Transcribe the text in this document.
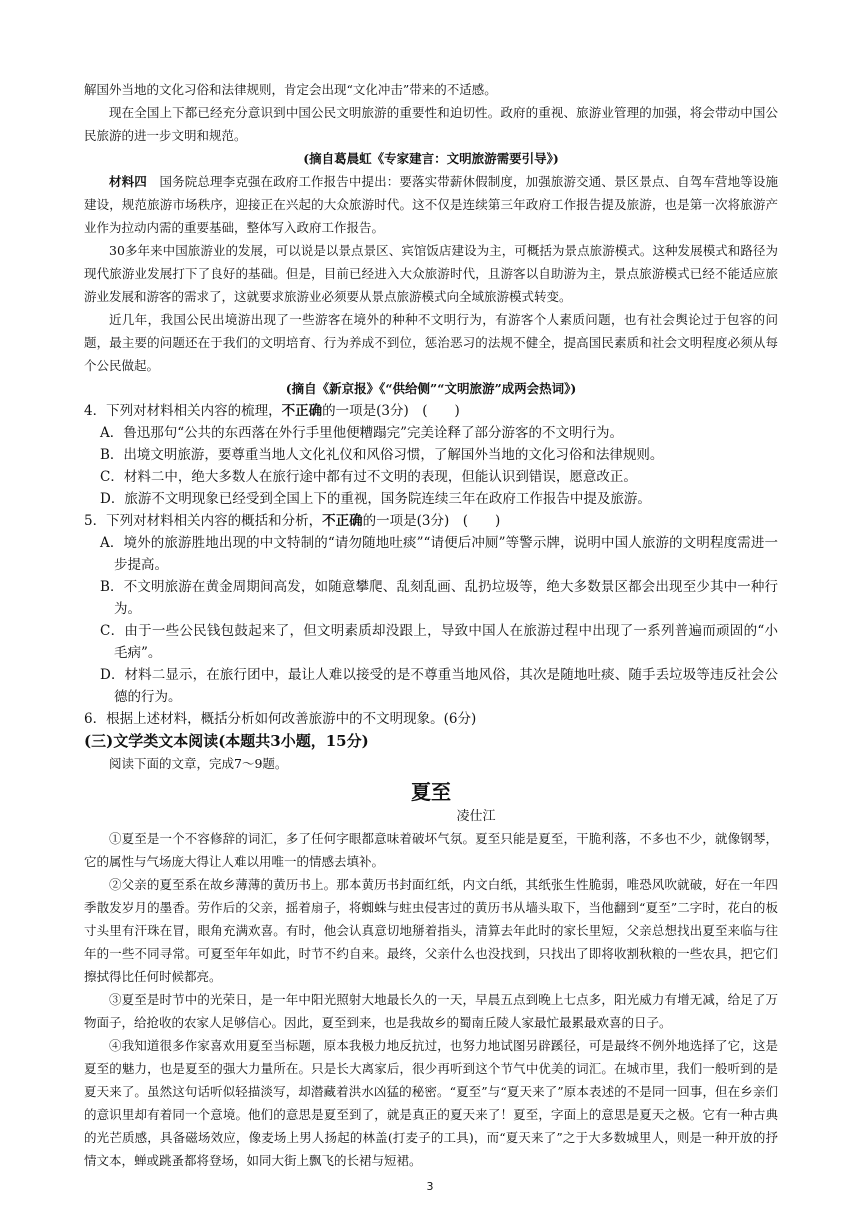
解国外当地的文化习俗和法律规则，肯定会出现“文化冲击”带来的不适感。

现在全国上下都已经充分意识到中国公民文明旅游的重要性和迫切性。政府的重视、旅游业管理的加强，将会带动中国公民旅游的进一步文明和规范。

(摘自葛晨虹《专家建言：文明旅游需要引导》)

材料四　国务院总理李克强在政府工作报告中提出：要落实带薪休假制度，加强旅游交通、景区景点、自驾车营地等设施建设，规范旅游市场秩序，迎接正在兴起的大众旅游时代。这不仅是连续第三年政府工作报告提及旅游，也是第一次将旅游产业作为拉动内需的重要基础，整体写入政府工作报告。

30多年来中国旅游业的发展，可以说是以景点景区、宾馆饭店建设为主，可概括为景点旅游模式。这种发展模式和路径为现代旅游业发展打下了良好的基础。但是，目前已经进入大众旅游时代，且游客以自助游为主，景点旅游模式已经不能适应旅游业发展和游客的需求了，这就要求旅游业必须要从景点旅游模式向全域旅游模式转变。

近几年，我国公民出境游出现了一些游客在境外的种种不文明行为，有游客个人素质问题，也有社会舆论过于包容的问题，最主要的问题还在于我们的文明培育、行为养成不到位，惩治恶习的法规不健全，提高国民素质和社会文明程度必须从每个公民做起。

(摘自《新京报》《“供给侧”“文明旅游”成两会热词》)

4．下列对材料相关内容的梳理，不正确的一项是(3分)　(　　)

A．鲁迅那句“公共的东西落在外行手里他便糟蹋完”完美诠释了部分游客的不文明行为。

B．出境文明旅游，要尊重当地人文化礼仪和风俗习惯，了解国外当地的文化习俗和法律规则。

C．材料二中，绝大多数人在旅行途中都有过不文明的表现，但能认识到错误，愿意改正。

D．旅游不文明现象已经受到全国上下的重视，国务院连续三年在政府工作报告中提及旅游。

5．下列对材料相关内容的概括和分析，不正确的一项是(3分)　(　　)

A．境外的旅游胜地出现的中文特制的“请勿随地吐痰”“请便后冲厕”等警示牌，说明中国人旅游的文明程度需进一步提高。

B．不文明旅游在黄金周期间高发，如随意攀爬、乱刻乱画、乱扔垃圾等，绝大多数景区都会出现至少其中一种行为。

C．由于一些公民钱包鼓起来了，但文明素质却没跟上，导致中国人在旅游过程中出现了一系列普遍而顽固的“小毛病”。

D．材料二显示，在旅行团中，最让人难以接受的是不尊重当地风俗，其次是随地吐痰、随手丢垃圾等违反社会公德的行为。

6．根据上述材料，概括分析如何改善旅游中的不文明现象。(6分)

(三)文学类文本阅读(本题共3小题，15分)

阅读下面的文章，完成7～9题。

夏至
凌仕江

①夏至是一个不容修辞的词汇，多了任何字眼都意味着破坏气氛。夏至只能是夏至，干脆利落，不多也不少，就像钢琴，它的属性与气场庞大得让人难以用唯一的情感去填补。

②父亲的夏至系在故乡薄薄的黄历书上。那本黄历书封面红纸，内文白纸，其纸张生性脆弱，唯恐风吹就破，好在一年四季散发岁月的墨香。劳作后的父亲，摇着扇子，将蜘蛛与蛀虫侵害过的黄历书从墙头取下，当他翻到“夏至”二字时，花白的板寸头里有汗珠在冒，眼角充满欢喜。有时，他会认真意切地掰着指头，清算去年此时的家长里短，父亲总想找出夏至来临与往年的一些不同寻常。可夏至年年如此，时节不约自来。最终，父亲什么也没找到，只找出了即将收割秋粮的一些农具，把它们擦拭得比任何时候都亮。

③夏至是时节中的光荣日，是一年中阳光照射大地最长久的一天，早晨五点到晚上七点多，阳光威力有增无减，给足了万物面子，给抢收的农家人足够信心。因此，夏至到来，也是我故乡的蜀南丘陵人家最忙最累最欢喜的日子。

④我知道很多作家喜欢用夏至当标题，原本我极力地反抗过，也努力地试图另辟蹊径，可是最终不例外地选择了它，这是夏至的魅力，也是夏至的强大力量所在。只是长大离家后，很少再听到这个节气中优美的词汇。在城市里，我们一般听到的是夏天来了。虽然这句话听似轻描淡写，却潜藏着洪水凶猛的秘密。“夏至”与“夏天来了”原本表述的不是同一回事，但在乡亲们的意识里却有着同一个意境。他们的意思是夏至到了，就是真正的夏天来了！夏至，字面上的意思是夏天之极。它有一种古典的光芒质感，具备磁场效应，像麦场上男人扬起的林盖(打麦子的工具)，而“夏天来了”之于大多数城里人，则是一种开放的抒情文本，蝉或跳蚤都将登场，如同大街上飘飞的长裙与短裙。

3
